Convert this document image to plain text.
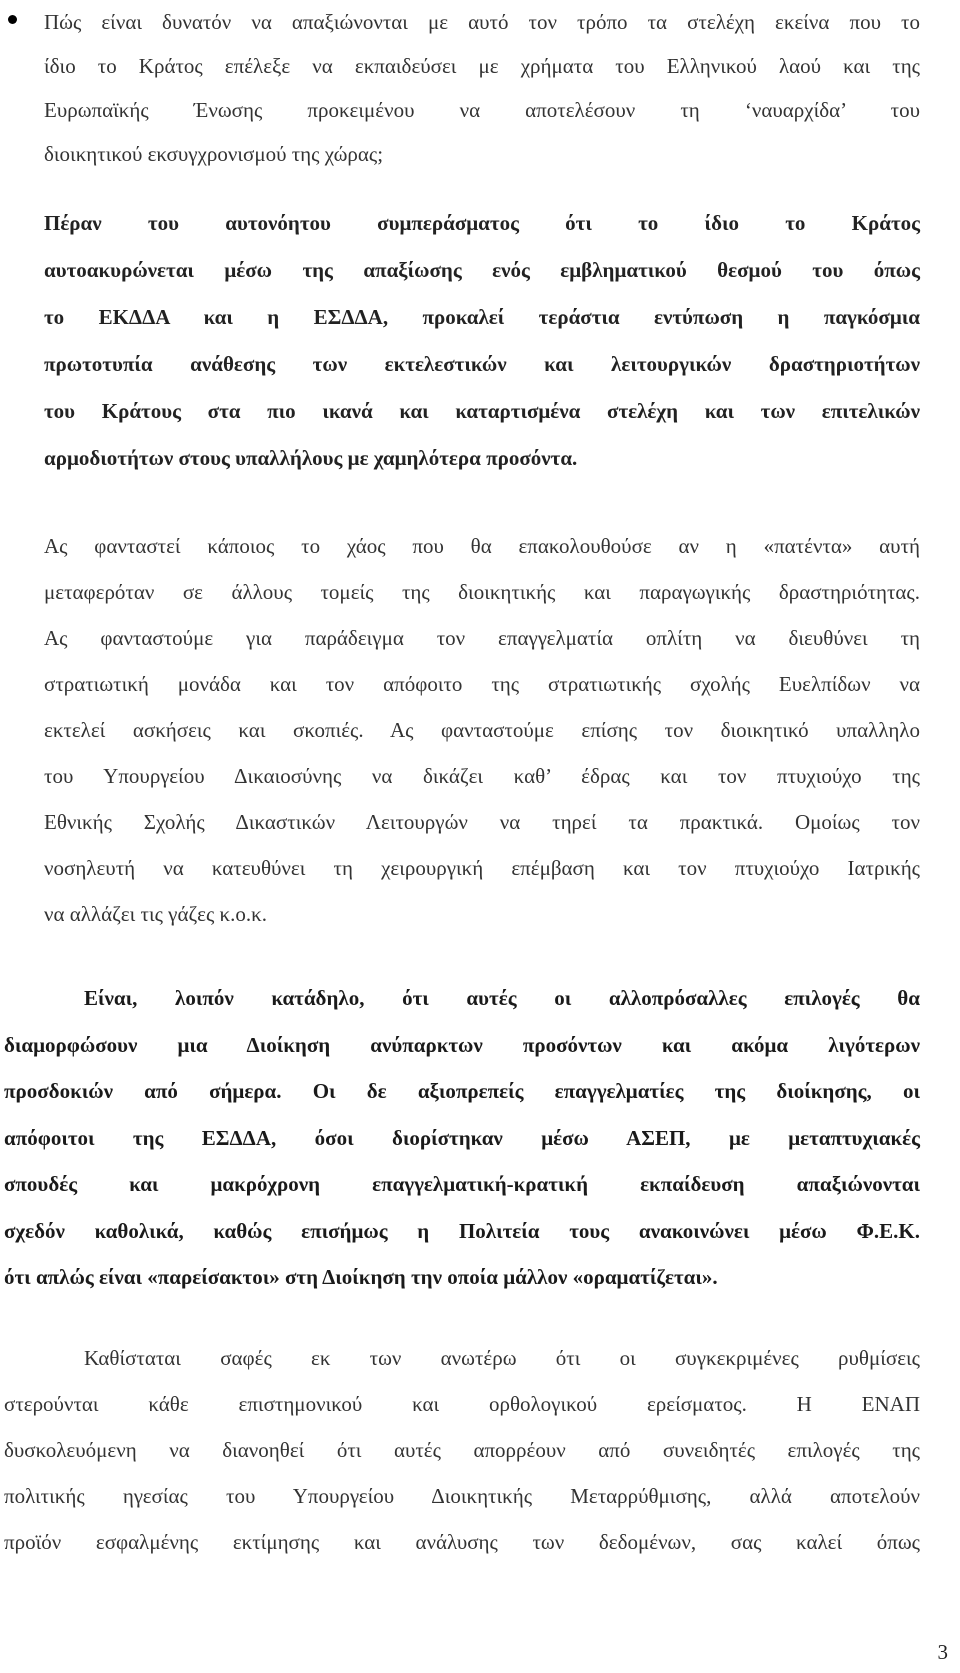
Πώς είναι δυνατόν να απαξιώνονται με αυτό τον τρόπο τα στελέχη εκείνα που το
ίδιο το Κράτος επέλεξε να εκπαιδεύσει με χρήματα του Ελληνικού λαού και της
Ευρωπαϊκής Ένωσης προκειμένου να αποτελέσουν τη ‘ναυαρχίδα’ του
διοικητικού εκσυγχρονισμού της χώρας;
Πέραν του αυτονόητου συμπεράσματος ότι το ίδιο το Κράτος
αυτοακυρώνεται μέσω της απαξίωσης ενός εμβληματικού θεσμού του όπως
το ΕΚΔΔΑ και η ΕΣΔΔΑ, προκαλεί τεράστια εντύπωση η παγκόσμια
πρωτοτυπία ανάθεσης των εκτελεστικών και λειτουργικών δραστηριοτήτων
του Κράτους στα πιο ικανά και καταρτισμένα στελέχη και των επιτελικών
αρμοδιοτήτων στους υπαλλήλους με χαμηλότερα προσόντα.
Ας φανταστεί κάποιος το χάος που θα επακολουθούσε αν η «πατέντα» αυτή
μεταφερόταν σε άλλους τομείς της διοικητικής και παραγωγικής δραστηριότητας.
Ας φανταστούμε για παράδειγμα τον επαγγελματία οπλίτη να διευθύνει τη
στρατιωτική μονάδα και τον απόφοιτο της στρατιωτικής σχολής Ευελπίδων να
εκτελεί ασκήσεις και σκοπιές. Ας φανταστούμε επίσης τον διοικητικό υπαλληλο
του Υπουργείου Δικαιοσύνης να δικάζει καθ’ έδρας και τον πτυχιούχο της
Εθνικής Σχολής Δικαστικών Λειτουργών να τηρεί τα πρακτικά. Ομοίως τον
νοσηλευτή να κατευθύνει τη χειρουργική επέμβαση και τον πτυχιούχο Ιατρικής
να αλλάζει τις γάζες κ.ο.κ.
Είναι, λοιπόν κατάδηλο, ότι αυτές οι αλλοπρόσαλλες επιλογές θα
διαμορφώσουν μια Διοίκηση ανύπαρκτων προσόντων και ακόμα λιγότερων
προσδοκιών από σήμερα. Οι δε αξιοπρεπείς επαγγελματίες της διοίκησης, οι
απόφοιτοι της ΕΣΔΔΑ, όσοι διορίστηκαν μέσω ΑΣΕΠ, με μεταπτυχιακές
σπουδές και μακρόχρονη επαγγελματική-κρατική εκπαίδευση απαξιώνονται
σχεδόν καθολικά, καθώς επισήμως η Πολιτεία τους ανακοινώνει μέσω Φ.Ε.Κ.
ότι απλώς είναι «παρείσακτοι» στη Διοίκηση την οποία μάλλον «οραματίζεται».
Καθίσταται σαφές εκ των ανωτέρω ότι οι συγκεκριμένες ρυθμίσεις
στερούνται κάθε επιστημονικού και ορθολογικού ερείσματος. Η ΕΝΑΠ
δυσκολευόμενη να διανοηθεί ότι αυτές απορρέουν από συνειδητές επιλογές της
πολιτικής ηγεσίας του Υπουργείου Διοικητικής Μεταρρύθμισης, αλλά αποτελούν
προϊόν εσφαλμένης εκτίμησης και ανάλυσης των δεδομένων, σας καλεί όπως
3
